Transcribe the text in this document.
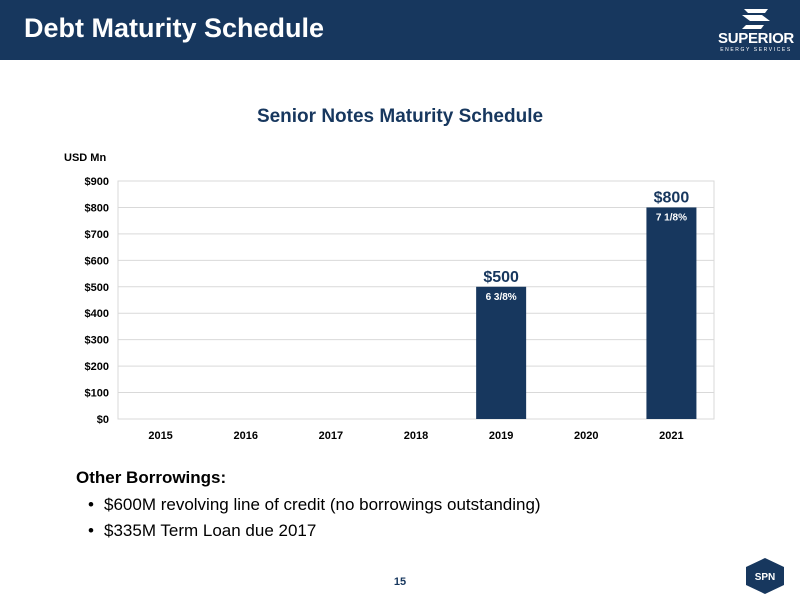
Debt Maturity Schedule	SUPERIOR
ENERGY SERVICES
Senior Notes Maturity Schedule
USD Mn
$0
$100
$200
$300
$400
$500
$600
$700
$800
$900
2015	2016	2017	2018
$500
6 3/8%
2019	2020
$800
7 1/8%
2021
Other Borrowings:
• $600M revolving line of credit (no borrowings outstanding)
• $335M Term Loan due 2017
15	SPN
